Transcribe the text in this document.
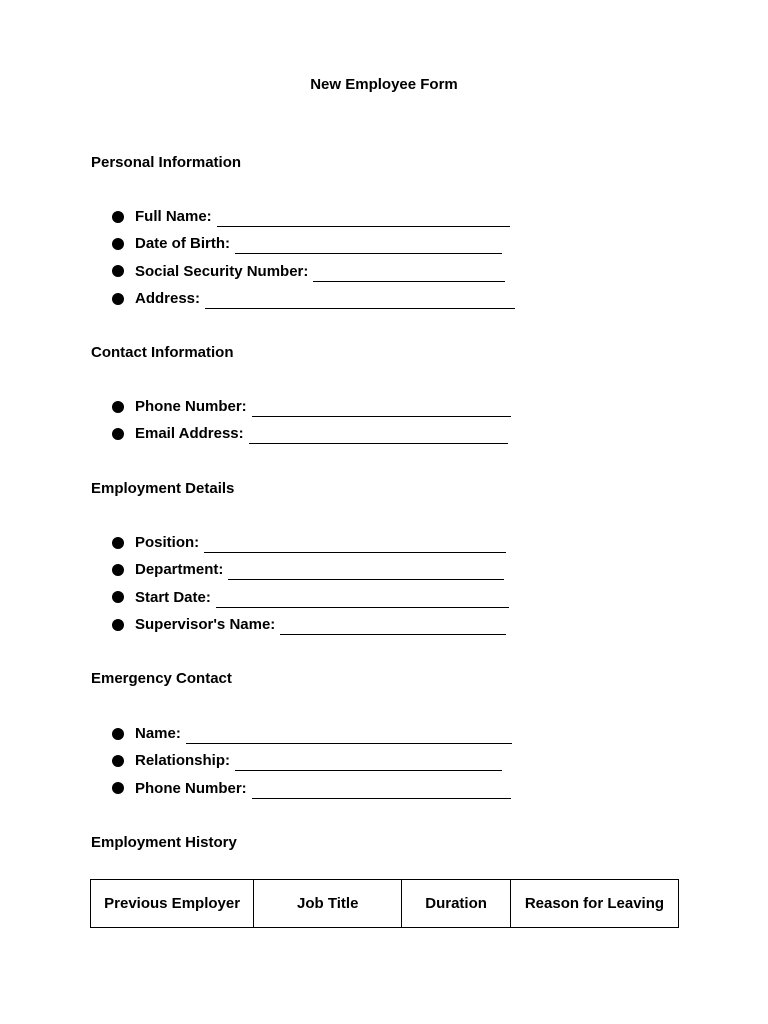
New Employee Form
Personal Information
Full Name:
Date of Birth:
Social Security Number:
Address:
Contact Information
Phone Number:
Email Address:
Employment Details
Position:
Department:
Start Date:
Supervisor's Name:
Emergency Contact
Name:
Relationship:
Phone Number:
Employment History
Previous Employer	Job Title	Duration	Reason for Leaving
